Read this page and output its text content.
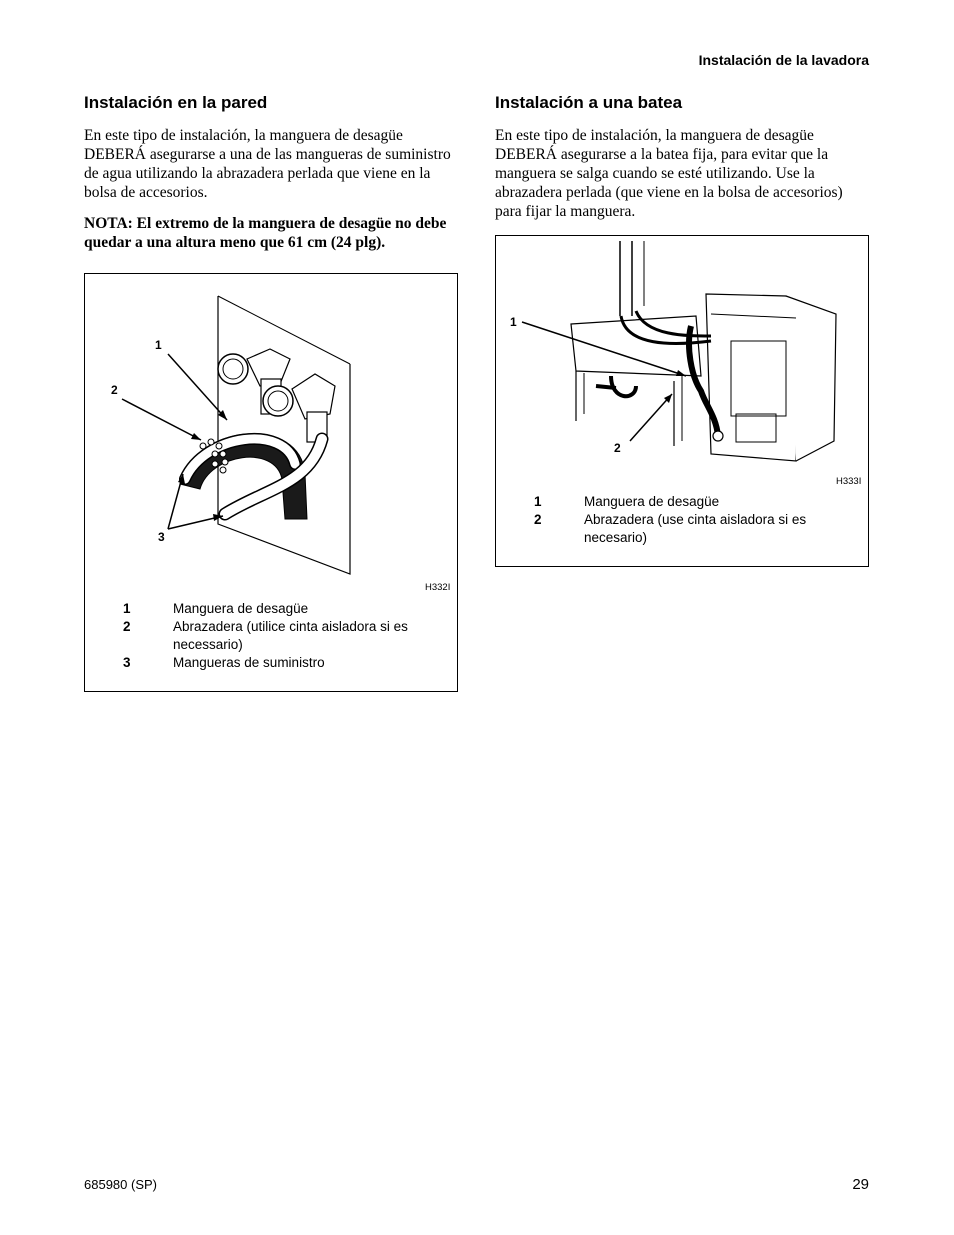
Instalación de la lavadora
Instalación en la pared
En este tipo de instalación, la manguera de desagüe DEBERÁ asegurarse a una de las mangueras de suministro de agua utilizando la abrazadera perlada que viene en la bolsa de accesorios.
NOTA: El extremo de la manguera de desagüe no debe quedar a una altura meno que 61 cm (24 plg).
1
2
3
H332I
1	Manguera de desagüe
2	Abrazadera (utilice cinta aisladora si es necessario)
3	Mangueras de suministro
Instalación a una batea
En este tipo de instalación, la manguera de desagüe DEBERÁ asegurarse a la batea fija, para evitar que la manguera se salga cuando se esté utilizando. Use la abrazadera perlada (que viene en la bolsa de accesorios) para fijar la manguera.
1
2
H333I
1	Manguera de desagüe
2	Abrazadera (use cinta aisladora si es necesario)
685980 (SP)	29
